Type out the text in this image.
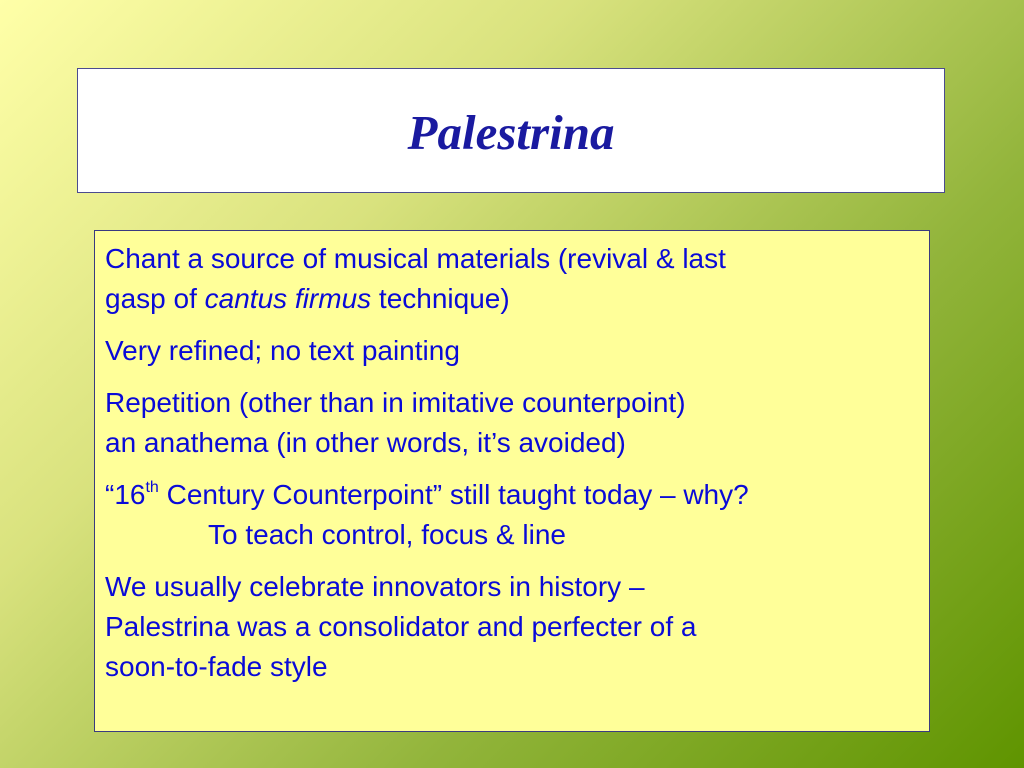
Palestrina

Chant a source of musical materials (revival & last
gasp of cantus firmus technique)

Very refined; no text painting

Repetition (other than in imitative counterpoint)
an anathema (in other words, it’s avoided)

“16th Century Counterpoint” still taught today – why?
To teach control, focus & line

We usually celebrate innovators in history –
Palestrina was a consolidator and perfecter of a
soon-to-fade style
